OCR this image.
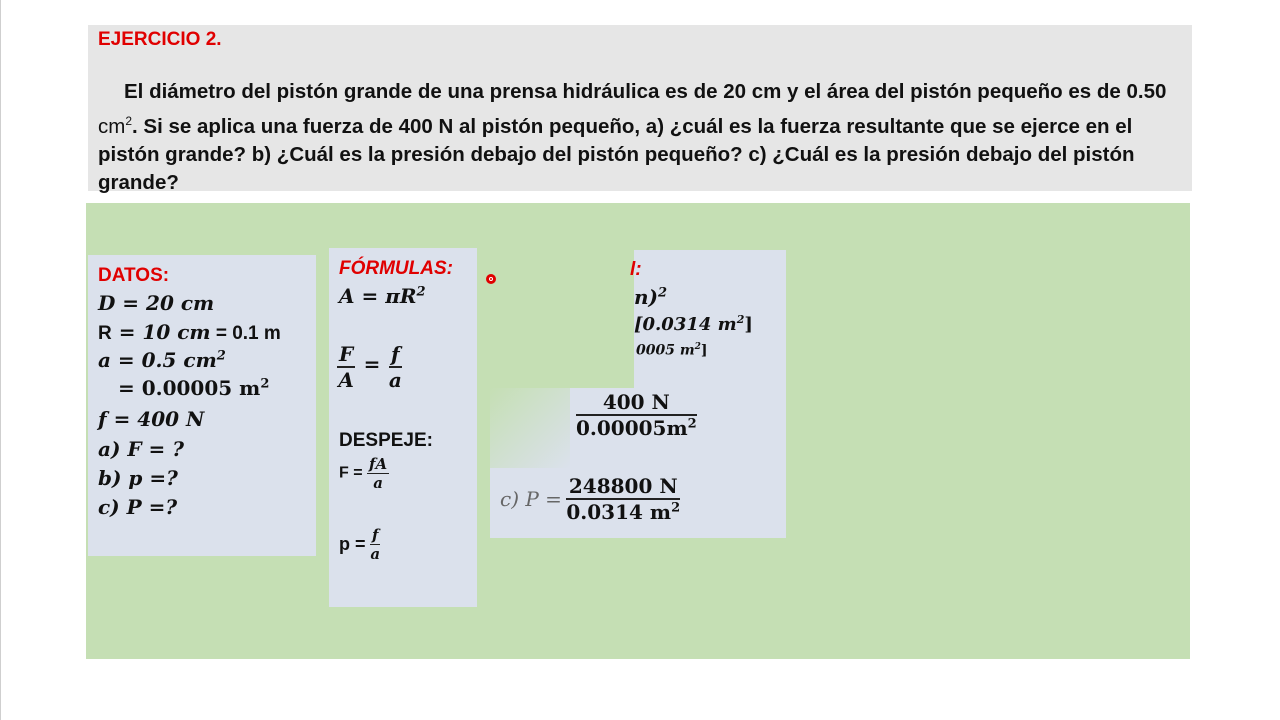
EJERCICIO 2.
El diámetro del pistón grande de una prensa hidráulica es de 20 cm y el área del pistón pequeño es de 0.50 $cm^2$. Si se aplica una fuerza de 400 N al pistón pequeño, a) ¿cuál es la fuerza resultante que se ejerce en el pistón grande? b) ¿Cuál es la presión debajo del pistón pequeño? c) ¿Cuál es la presión debajo del pistón grande?
DATOS:
D = 20 cm
R = 10 cm = 0.1 m
a = 0.5 $cm^2$
= 0.00005 $m^2$
f = 400 N
a) F = ?
b) p =?
c) P =?
FÓRMULAS:
$A = \pi R^2$
$\frac{F}{A} = \frac{f}{a}$
DESPEJE:
$F = \frac{fA}{a}$
$p = \frac{f}{a}$
l:
n)$^2$
[0.0314 $m^2$]
0005 $m^2$]
$\frac{400 N}{0.00005m^2}$
c) $P = \frac{248800 N}{0.0314 m^2}$
